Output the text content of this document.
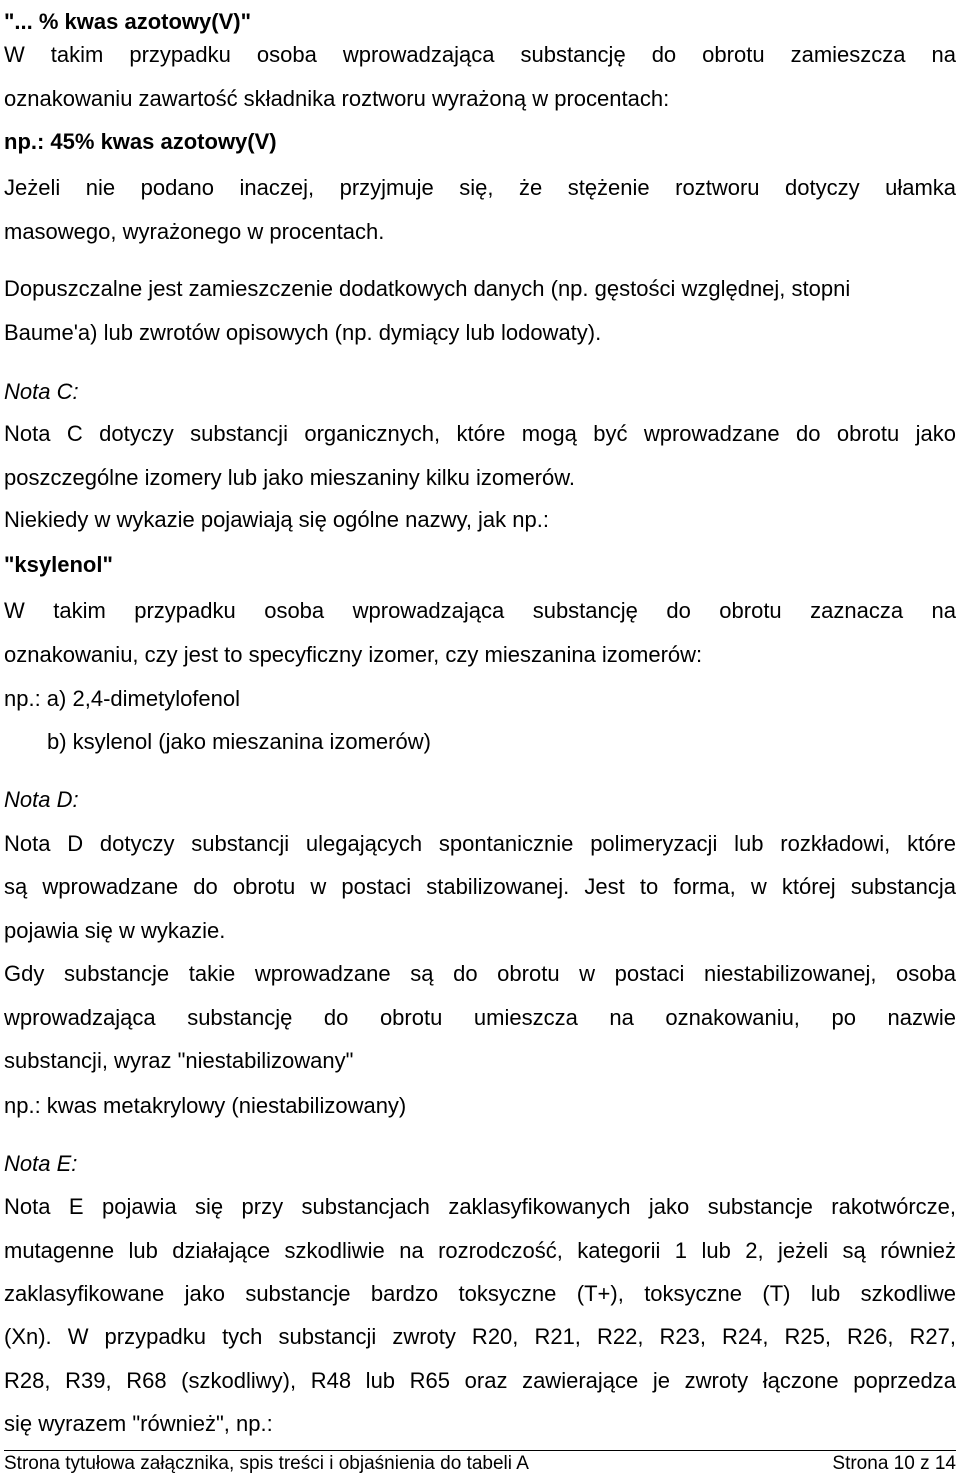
"... % kwas azotowy(V)"

W takim przypadku osoba wprowadzająca substancję do obrotu zamieszcza na

oznakowaniu zawartość składnika roztworu wyrażoną w procentach:

np.: 45% kwas azotowy(V)

Jeżeli nie podano inaczej, przyjmuje się, że stężenie roztworu dotyczy ułamka

masowego, wyrażonego w procentach.

Dopuszczalne jest zamieszczenie dodatkowych danych (np. gęstości względnej, stopni

Baume'a) lub zwrotów opisowych (np. dymiący lub lodowaty).

Nota C:

Nota C dotyczy substancji organicznych, które mogą być wprowadzane do obrotu jako

poszczególne izomery lub jako mieszaniny kilku izomerów.

Niekiedy w wykazie pojawiają się ogólne nazwy, jak np.:

"ksylenol"

W takim przypadku osoba wprowadzająca substancję do obrotu zaznacza na

oznakowaniu, czy jest to specyficzny izomer, czy mieszanina izomerów:

np.: a) 2,4-dimetylofenol

b) ksylenol (jako mieszanina izomerów)

Nota D:

Nota D dotyczy substancji ulegających spontanicznie polimeryzacji lub rozkładowi, które

są wprowadzane do obrotu w postaci stabilizowanej. Jest to forma, w której substancja

pojawia się w wykazie.

Gdy substancje takie wprowadzane są do obrotu w postaci niestabilizowanej, osoba

wprowadzająca substancję do obrotu umieszcza na oznakowaniu, po nazwie

substancji, wyraz "niestabilizowany"

np.: kwas metakrylowy (niestabilizowany)

Nota E:

Nota E pojawia się przy substancjach zaklasyfikowanych jako substancje rakotwórcze,

mutagenne lub działające szkodliwie na rozrodczość, kategorii 1 lub 2, jeżeli są również

zaklasyfikowane jako substancje bardzo toksyczne (T+), toksyczne (T) lub szkodliwe

(Xn). W przypadku tych substancji zwroty R20, R21, R22, R23, R24, R25, R26, R27,

R28, R39, R68 (szkodliwy), R48 lub R65 oraz zawierające je zwroty łączone poprzedza

się wyrazem "również", np.:

Strona tytułowa załącznika, spis treści i objaśnienia do tabeli A	Strona 10 z 14
